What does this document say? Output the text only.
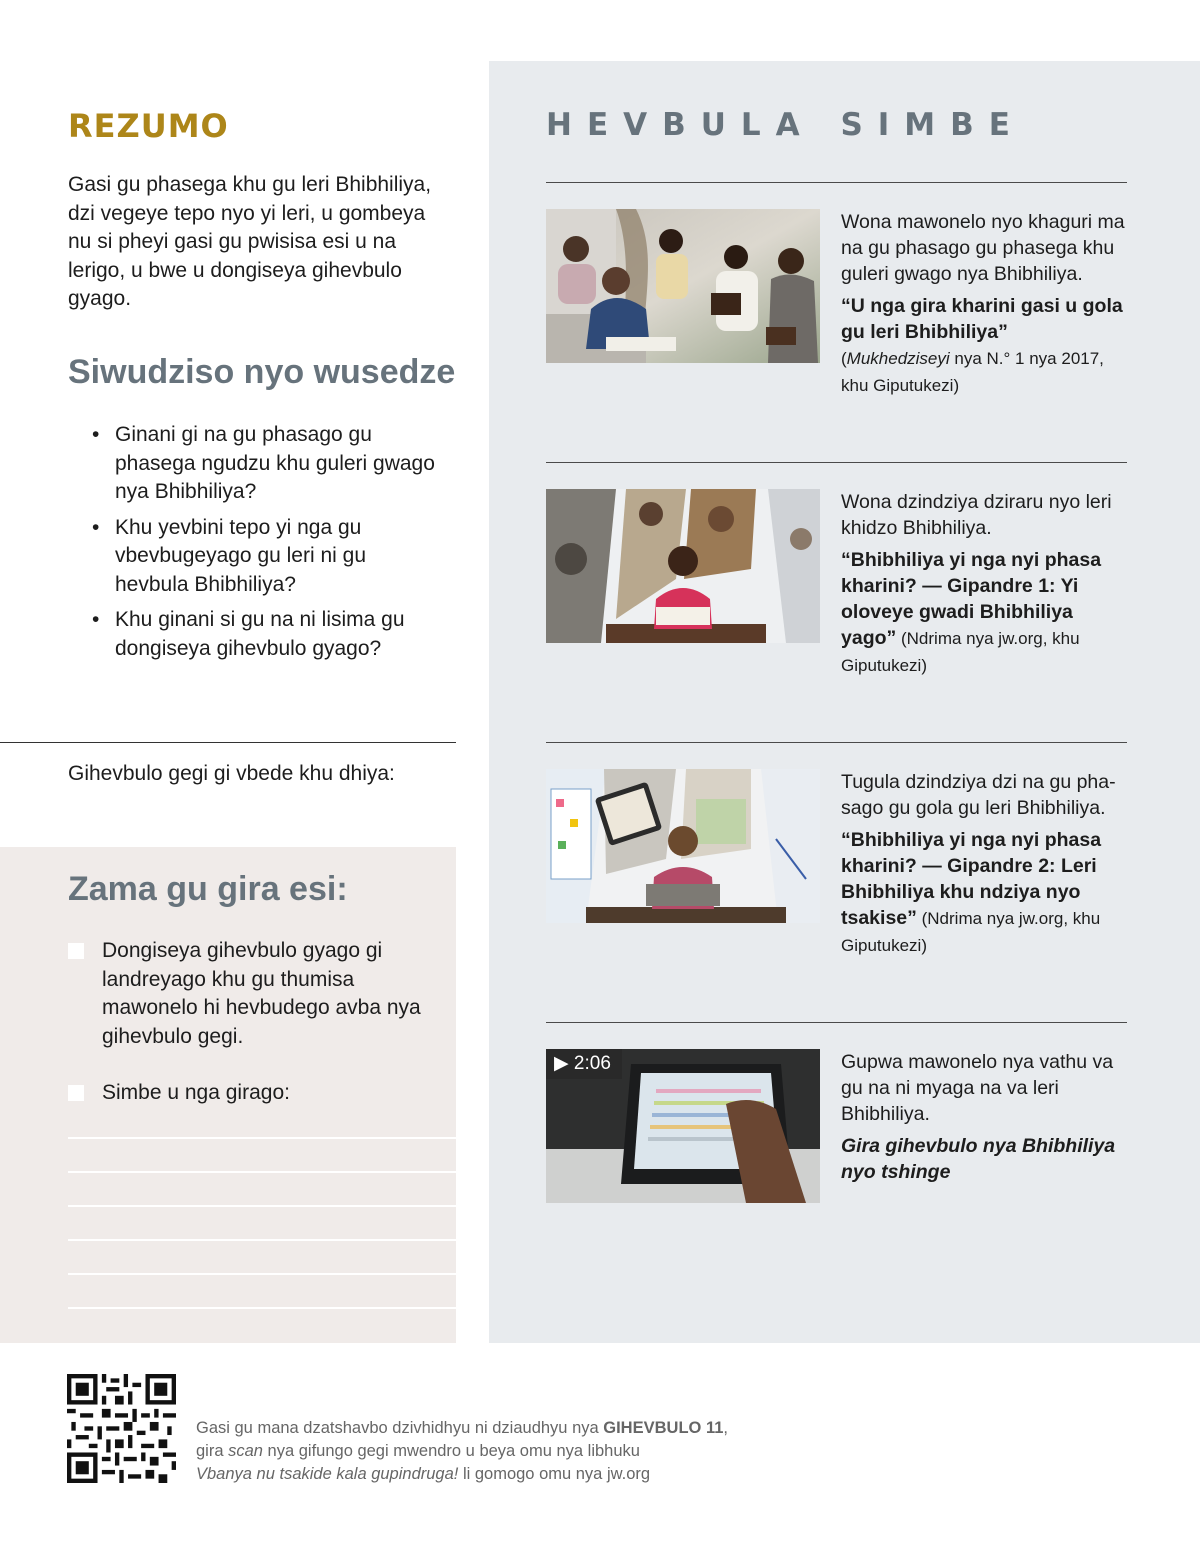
HEVBULA SIMBE
Wona mawonelo nyo khaguri ma na gu phasago gu phasega khu guleri gwago nya Bhibhiliya.
“U nga gira kharini gasi u gola gu leri Bhibhiliya”
(Mukhedziseyi nya N.° 1 nya 2017, khu Giputukezi)
Wona dzindziya dziraru nyo leri khidzo Bhibhiliya.
“Bhibhiliya yi nga nyi phasa kharini? — Gipandre 1: Yi oloveye gwadi Bhibhiliya yago” (Ndrima nya jw.org, khu Giputukezi)
Tugula dzindziya dzi na gu pha-sago gu gola gu leri Bhibhiliya.
“Bhibhiliya yi nga nyi phasa kharini? — Gipandre 2: Leri Bhibhiliya khu ndziya nyo tsakise” (Ndrima nya jw.org, khu Giputukezi)
▶ 2:06	Gupwa mawonelo nya vathu va gu na ni myaga na va leri Bhibhiliya.
Gira gihevbulo nya Bhibhiliya nyo tshinge
REZUMO
Gasi gu phasega khu gu leri Bhibhiliya, dzi vegeye tepo nyo yi leri, u gombeya nu si pheyi gasi gu pwisisa esi u na lerigo, u bwe u dongiseya gihevbulo gyago.
Siwudziso nyo wusedze
• Ginani gi na gu phasago gu phasega ngudzu khu guleri gwago nya Bhibhiliya?
• Khu yevbini tepo yi nga gu vbevbugeyago gu leri ni gu hevbula Bhibhiliya?
• Khu ginani si gu na ni lisima gu dongiseya gihevbulo gyago?
Gihevbulo gegi gi vbede khu dhiya:
Zama gu gira esi:
Dongiseya gihevbulo gyago gi landreyago khu gu thumisa mawonelo hi hevbudego avba nya gihevbulo gegi.
Simbe u nga girago:
Gasi gu mana dzatshavbo dzivhidhyu ni dziaudhyu nya GIHEVBULO 11,
gira scan nya gifungo gegi mwendro u beya omu nya libhuku
Vbanya nu tsakide kala gupindruga! li gomogo omu nya jw.org
